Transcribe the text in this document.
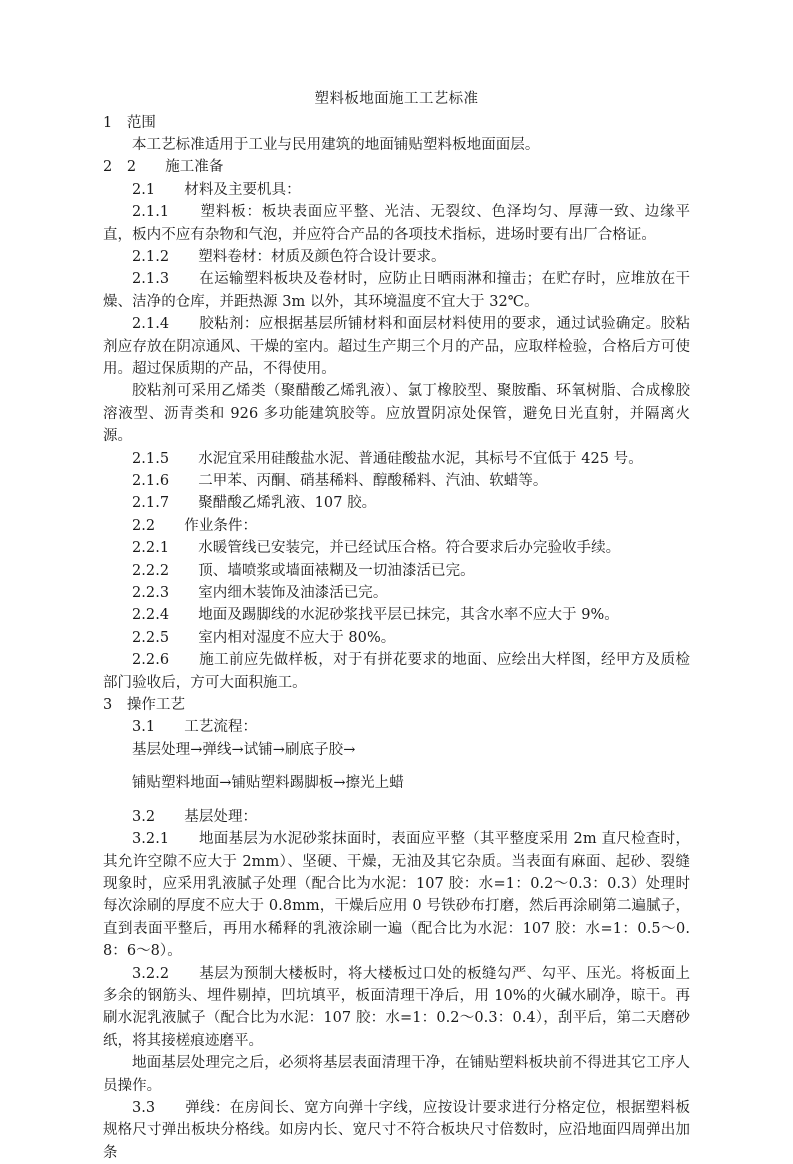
塑料板地面施工工艺标准

1　范围

本工艺标准适用于工业与民用建筑的地面铺贴塑料板地面面层。

2　2　　施工准备

2.1　　材料及主要机具：

2.1.1　　塑料板：板块表面应平整、光洁、无裂纹、色泽均匀、厚薄一致、边缘平直，板内不应有杂物和气泡，并应符合产品的各项技术指标，进场时要有出厂合格证。

2.1.2　　塑料卷材：材质及颜色符合设计要求。

2.1.3　　在运输塑料板块及卷材时，应防止日晒雨淋和撞击；在贮存时，应堆放在干燥、洁净的仓库，并距热源 3m 以外，其环境温度不宜大于 32℃。

2.1.4　　胶粘剂：应根据基层所铺材料和面层材料使用的要求，通过试验确定。胶粘剂应存放在阴凉通风、干燥的室内。超过生产期三个月的产品，应取样检验，合格后方可使用。超过保质期的产品，不得使用。

胶粘剂可采用乙烯类（聚醋酸乙烯乳液）、氯丁橡胶型、聚胺酯、环氧树脂、合成橡胶溶液型、沥青类和 926 多功能建筑胶等。应放置阴凉处保管，避免日光直射，并隔离火源。

2.1.5　　水泥宜采用硅酸盐水泥、普通硅酸盐水泥，其标号不宜低于 425 号。

2.1.6　　二甲苯、丙酮、硝基稀料、醇酸稀料、汽油、软蜡等。

2.1.7　　聚醋酸乙烯乳液、107 胶。

2.2　　作业条件：

2.2.1　　水暖管线已安装完，并已经试压合格。符合要求后办完验收手续。

2.2.2　　顶、墙喷浆或墙面裱糊及一切油漆活已完。

2.2.3　　室内细木装饰及油漆活已完。

2.2.4　　地面及踢脚线的水泥砂浆找平层已抹完，其含水率不应大于 9%。

2.2.5　　室内相对湿度不应大于 80%。

2.2.6　　施工前应先做样板，对于有拼花要求的地面、应绘出大样图，经甲方及质检部门验收后，方可大面积施工。

3　操作工艺

3.1　　工艺流程：

基层处理→弹线→试铺→刷底子胶→

铺贴塑料地面→铺贴塑料踢脚板→擦光上蜡

3.2　　基层处理：

3.2.1　　地面基层为水泥砂浆抹面时，表面应平整（其平整度采用 2m 直尺检查时，其允许空隙不应大于 2mm）、坚硬、干燥，无油及其它杂质。当表面有麻面、起砂、裂缝现象时，应采用乳液腻子处理（配合比为水泥：107 胶：水=1：0.2～0.3：0.3）处理时每次涂刷的厚度不应大于 0.8mm，干燥后应用 0 号铁砂布打磨，然后再涂刷第二遍腻子，直到表面平整后，再用水稀释的乳液涂刷一遍（配合比为水泥：107 胶：水=1：0.5～0.8：6～8）。

3.2.2　　基层为预制大楼板时，将大楼板过口处的板缝勾严、勾平、压光。将板面上多余的钢筋头、埋件剔掉，凹坑填平，板面清理干净后，用 10%的火碱水刷净，晾干。再刷水泥乳液腻子（配合比为水泥：107 胶：水=1：0.2～0.3：0.4），刮平后，第二天磨砂纸，将其接槎痕迹磨平。

地面基层处理完之后，必须将基层表面清理干净，在铺贴塑料板块前不得进其它工序人员操作。

3.3　　弹线：在房间长、宽方向弹十字线，应按设计要求进行分格定位，根据塑料板规格尺寸弹出板块分格线。如房内长、宽尺寸不符合板块尺寸倍数时，应沿地面四周弹出加条
